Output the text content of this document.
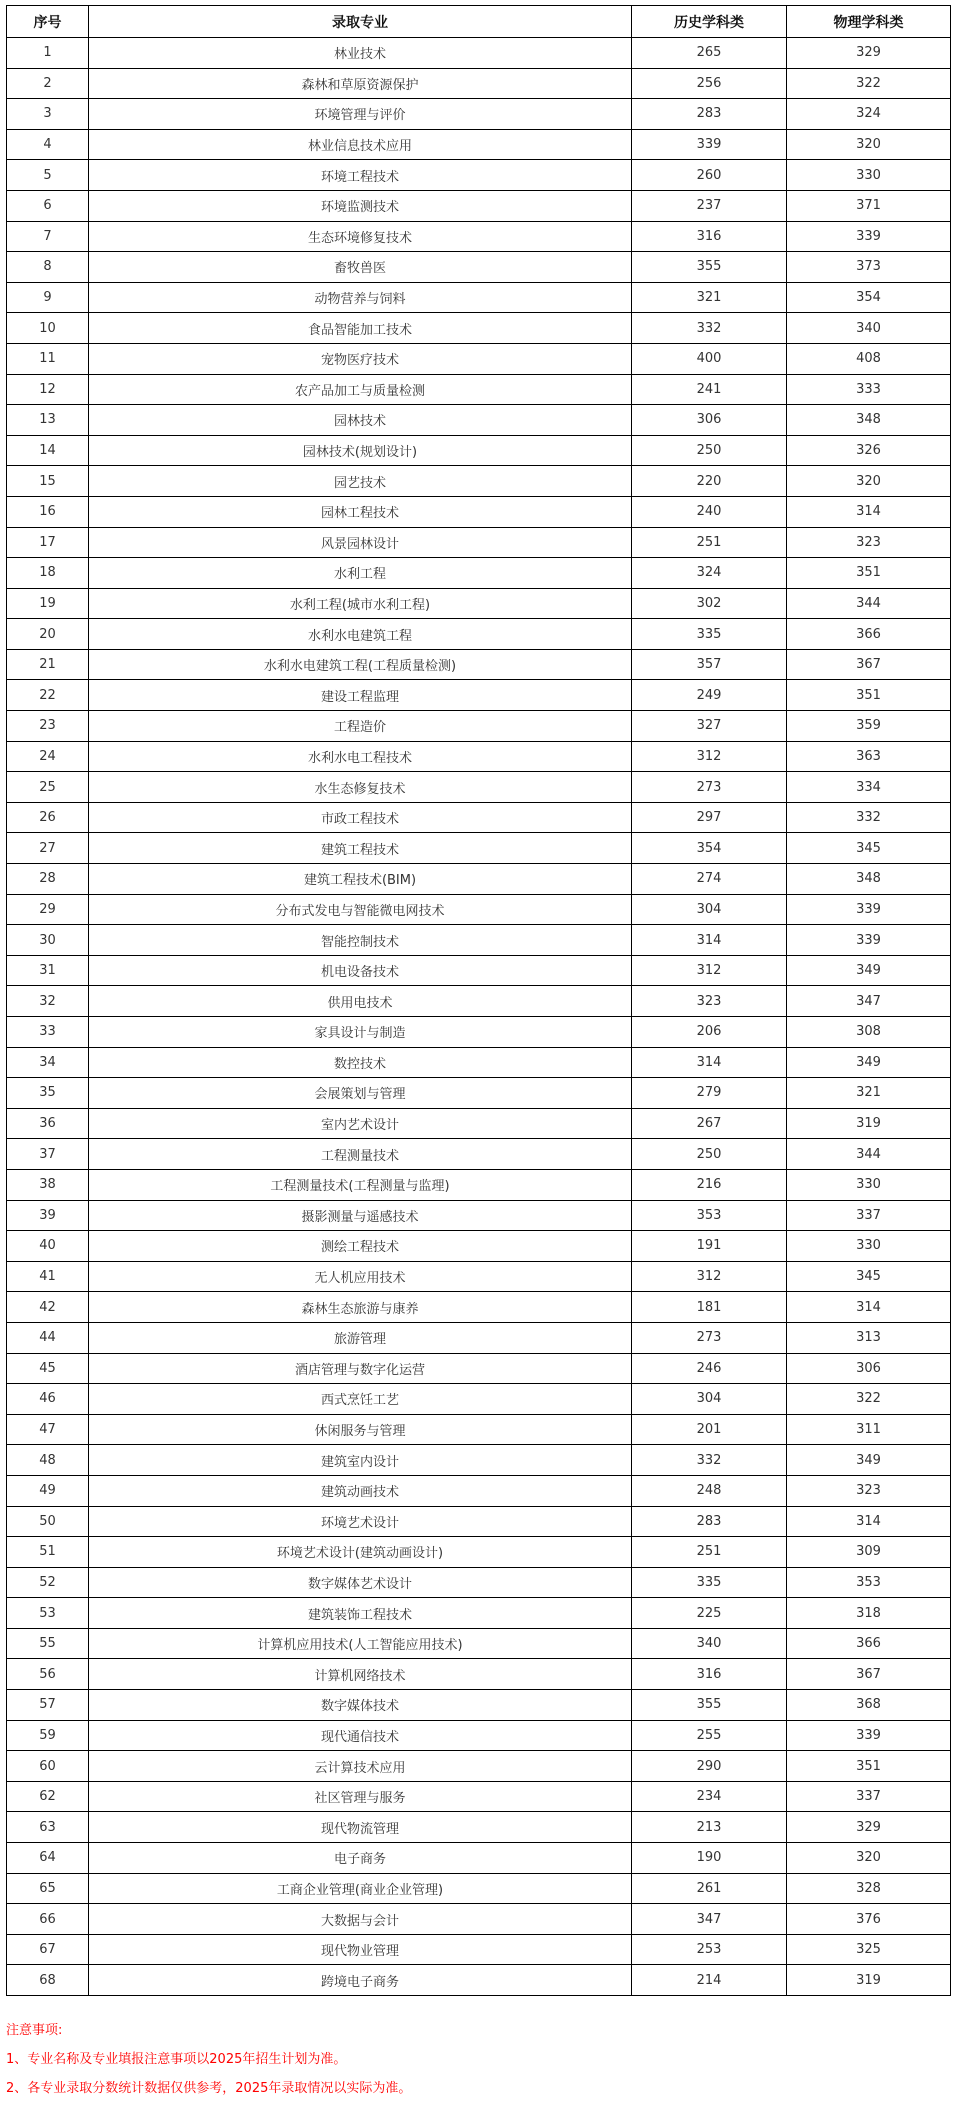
序号	录取专业	历史学科类	物理学科类
1	林业技术	265	329
2	森林和草原资源保护	256	322
3	环境管理与评价	283	324
4	林业信息技术应用	339	320
5	环境工程技术	260	330
6	环境监测技术	237	371
7	生态环境修复技术	316	339
8	畜牧兽医	355	373
9	动物营养与饲料	321	354
10	食品智能加工技术	332	340
11	宠物医疗技术	400	408
12	农产品加工与质量检测	241	333
13	园林技术	306	348
14	园林技术(规划设计)	250	326
15	园艺技术	220	320
16	园林工程技术	240	314
17	风景园林设计	251	323
18	水利工程	324	351
19	水利工程(城市水利工程)	302	344
20	水利水电建筑工程	335	366
21	水利水电建筑工程(工程质量检测)	357	367
22	建设工程监理	249	351
23	工程造价	327	359
24	水利水电工程技术	312	363
25	水生态修复技术	273	334
26	市政工程技术	297	332
27	建筑工程技术	354	345
28	建筑工程技术(BIM)	274	348
29	分布式发电与智能微电网技术	304	339
30	智能控制技术	314	339
31	机电设备技术	312	349
32	供用电技术	323	347
33	家具设计与制造	206	308
34	数控技术	314	349
35	会展策划与管理	279	321
36	室内艺术设计	267	319
37	工程测量技术	250	344
38	工程测量技术(工程测量与监理)	216	330
39	摄影测量与遥感技术	353	337
40	测绘工程技术	191	330
41	无人机应用技术	312	345
42	森林生态旅游与康养	181	314
44	旅游管理	273	313
45	酒店管理与数字化运营	246	306
46	西式烹饪工艺	304	322
47	休闲服务与管理	201	311
48	建筑室内设计	332	349
49	建筑动画技术	248	323
50	环境艺术设计	283	314
51	环境艺术设计(建筑动画设计)	251	309
52	数字媒体艺术设计	335	353
53	建筑装饰工程技术	225	318
55	计算机应用技术(人工智能应用技术)	340	366
56	计算机网络技术	316	367
57	数字媒体技术	355	368
59	现代通信技术	255	339
60	云计算技术应用	290	351
62	社区管理与服务	234	337
63	现代物流管理	213	329
64	电子商务	190	320
65	工商企业管理(商业企业管理)	261	328
66	大数据与会计	347	376
67	现代物业管理	253	325
68	跨境电子商务	214	319
注意事项:
1、专业名称及专业填报注意事项以2025年招生计划为准。
2、各专业录取分数统计数据仅供参考，2025年录取情况以实际为准。
